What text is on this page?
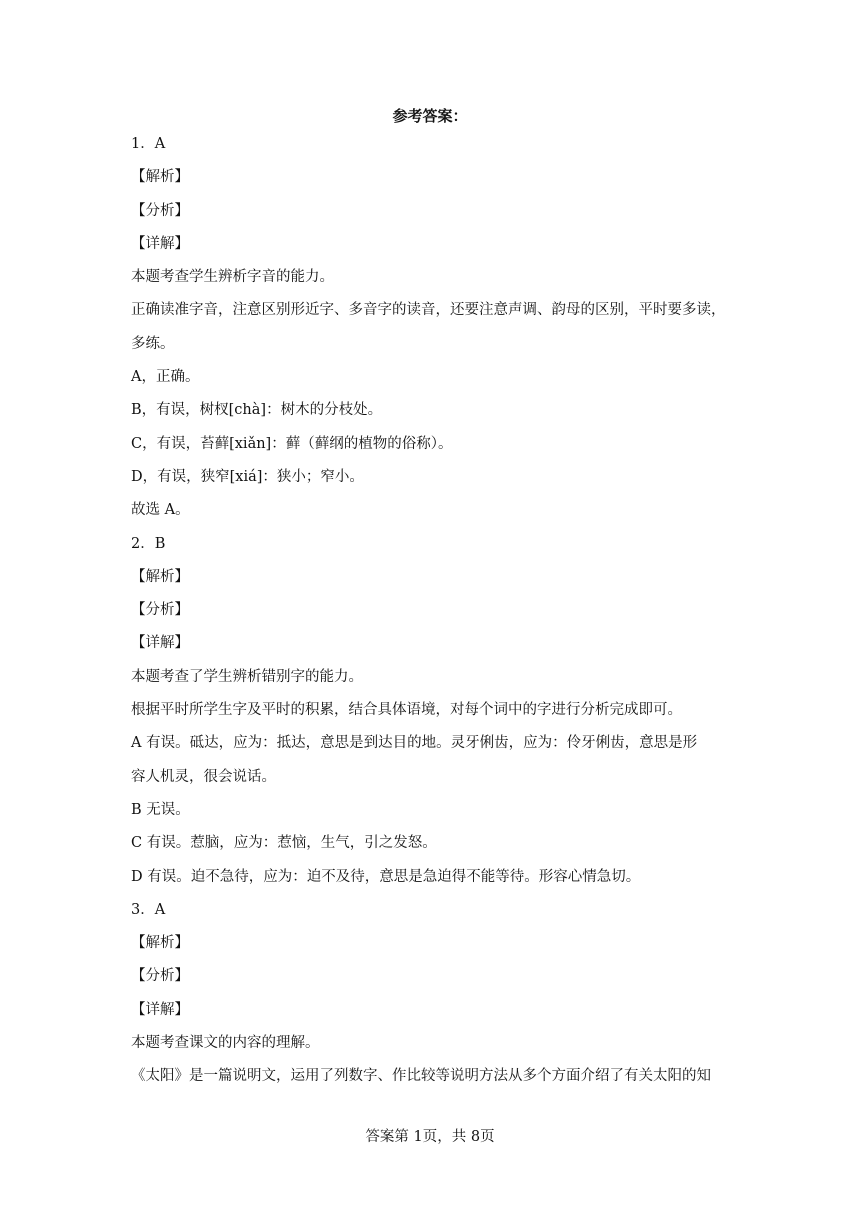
参考答案：
1．A
【解析】
【分析】
【详解】
本题考查学生辨析字音的能力。
正确读准字音，注意区别形近字、多音字的读音，还要注意声调、韵母的区别，平时要多读，
多练。
A，正确。
B，有误，树杈[chà]：树木的分枝处。
C，有误，苔藓[xiǎn]：藓（藓纲的植物的俗称）。
D，有误，狭窄[xiá]：狭小；窄小。
故选 A。
2．B
【解析】
【分析】
【详解】
本题考查了学生辨析错别字的能力。
根据平时所学生字及平时的积累，结合具体语境，对每个词中的字进行分析完成即可。
A 有误。砥达，应为：抵达，意思是到达目的地。灵牙俐齿，应为：伶牙俐齿，意思是形
容人机灵，很会说话。
B 无误。
C 有误。惹脑，应为：惹恼，生气，引之发怒。
D 有误。迫不急待，应为：迫不及待，意思是急迫得不能等待。形容心情急切。
3．A
【解析】
【分析】
【详解】
本题考查课文的内容的理解。
《太阳》是一篇说明文，运用了列数字、作比较等说明方法从多个方面介绍了有关太阳的知
答案第 1页，共 8页
